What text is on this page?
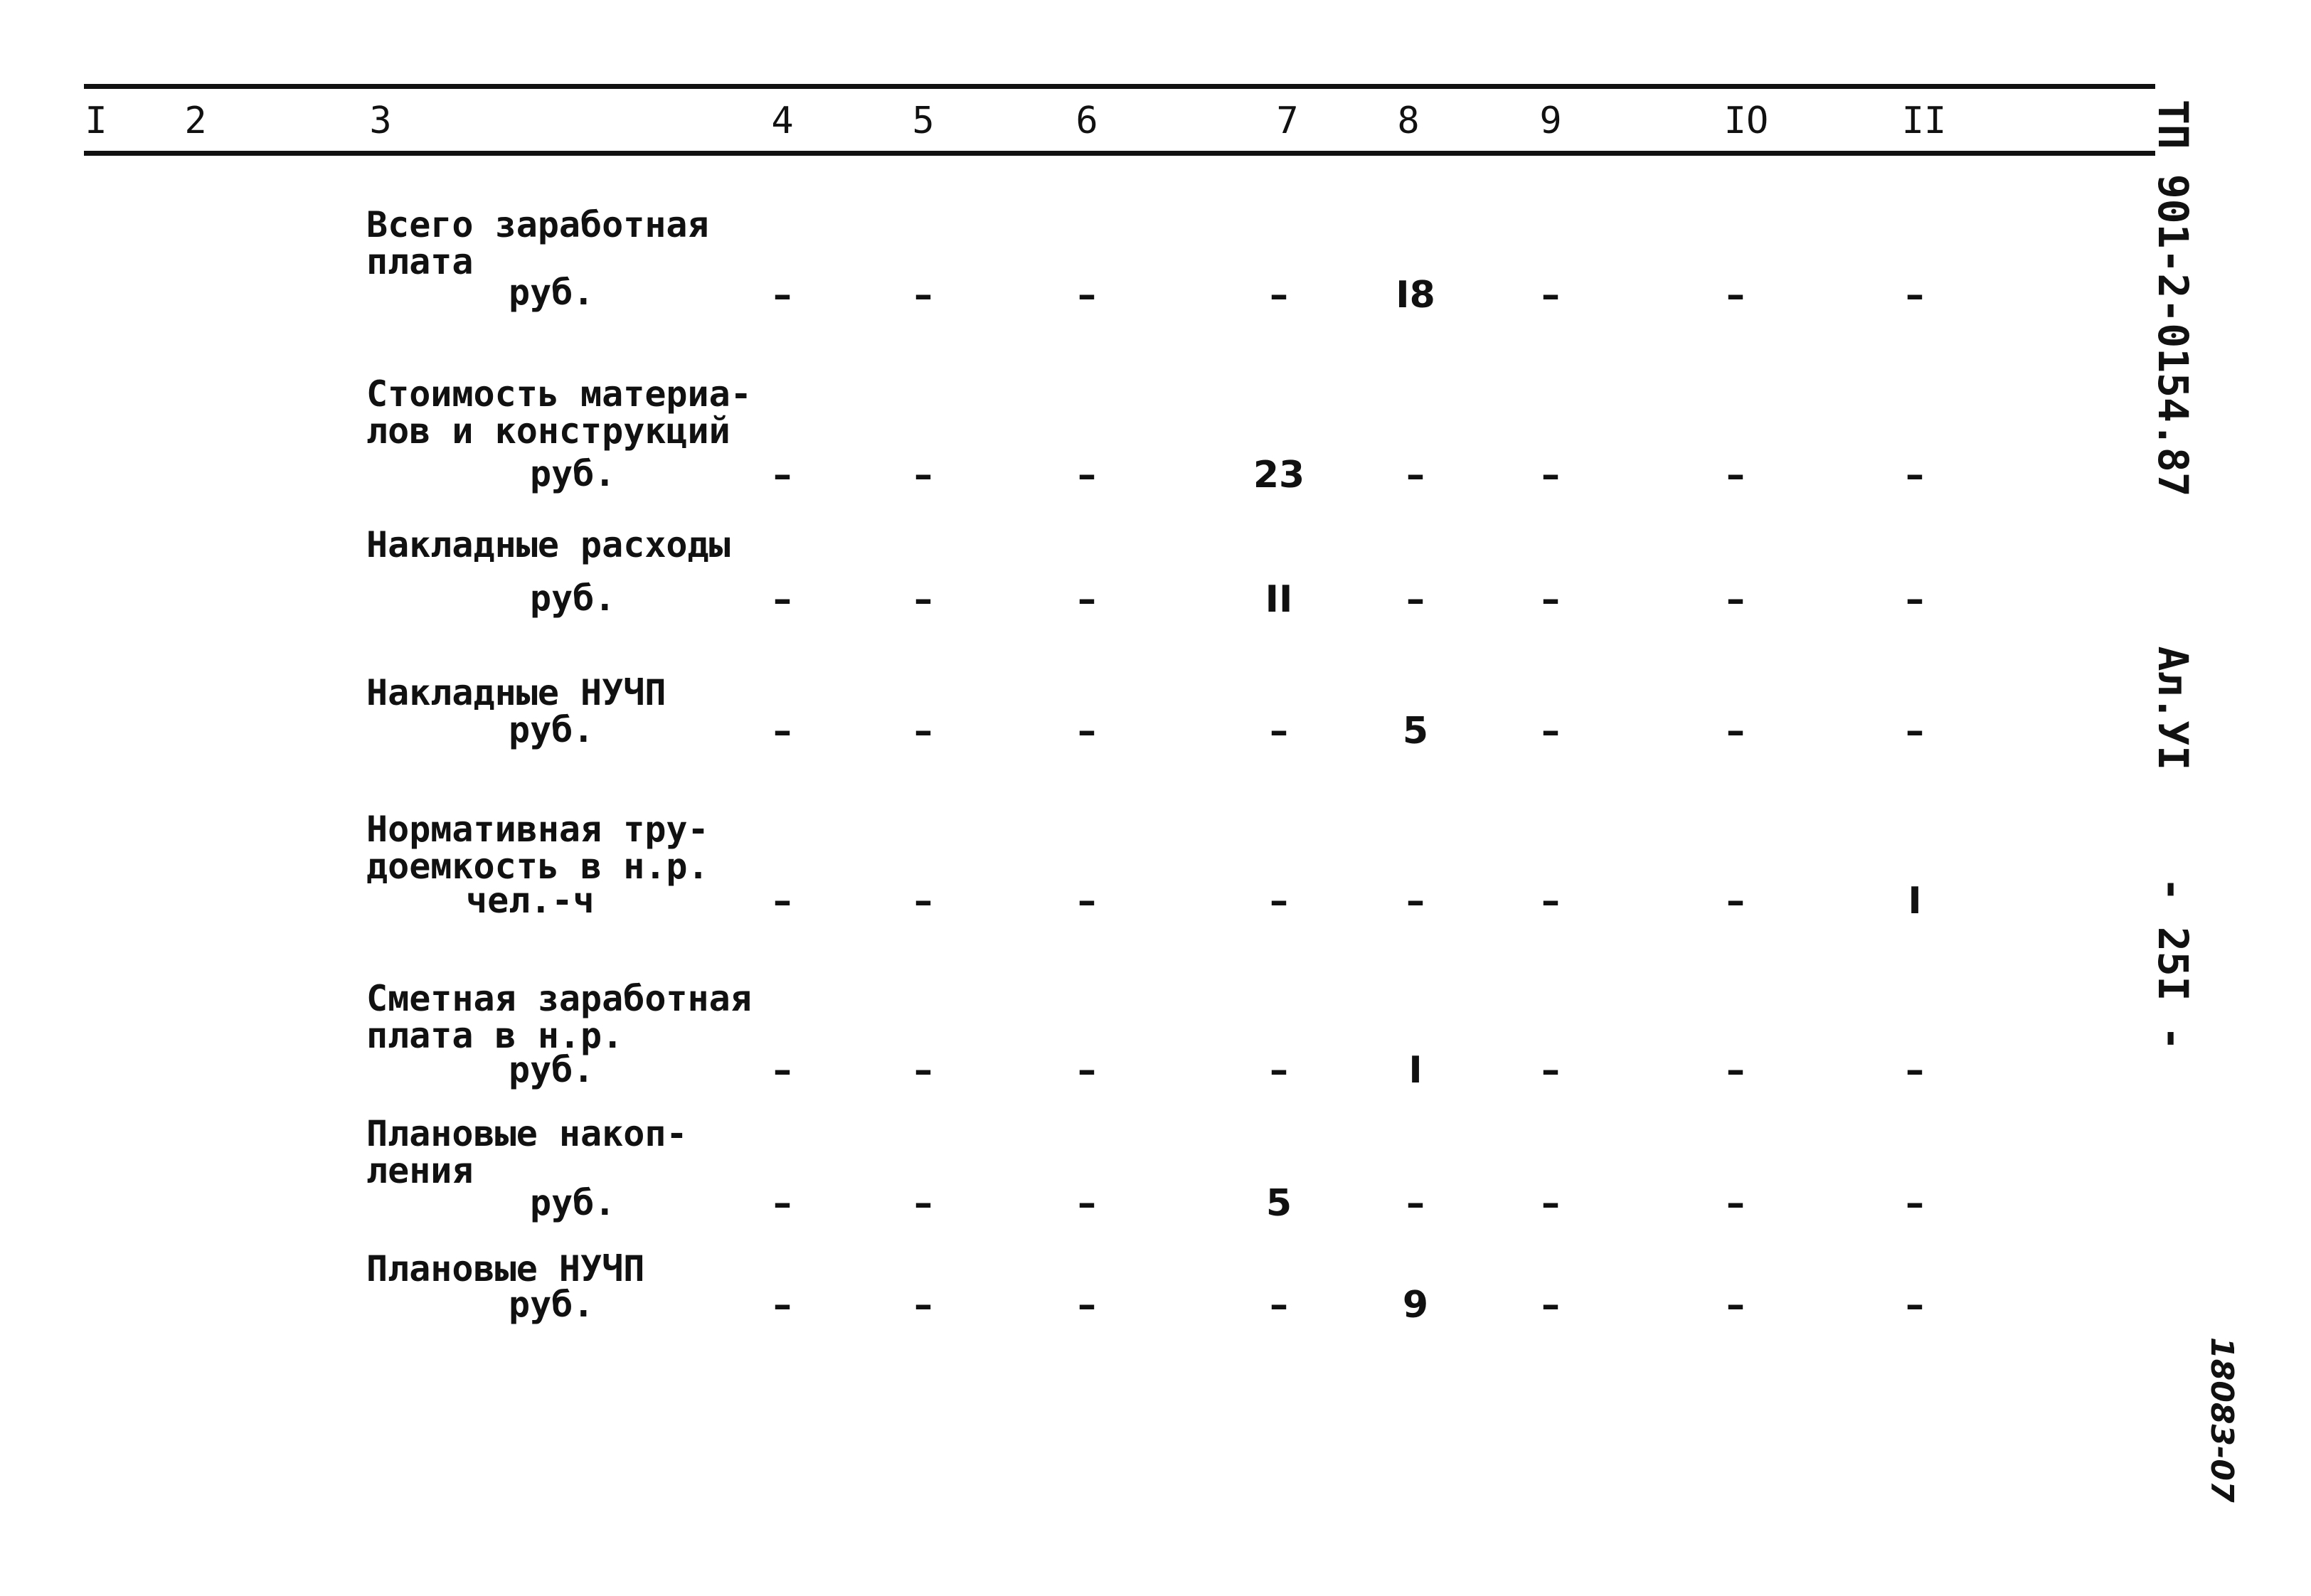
I 2	3	4	5	6	7	8	9	IO	II
Всего заработная
плата
руб.	–	–	–	–	I8	–	–	–
Стоимость материа-
лов и конструкций
руб.	–	–	–	23	–	–	–	–
Накладные расходы
руб.	–	–	–	II	–	–	–	–
Накладные НУЧП
руб.	–	–	–	–	5	–	–	–
Нормативная тру-
доемкость в н.р.
чел.-ч	–	–	–	–	–	–	–	I
Сметная заработная
плата в н.р.
руб.	–	–	–	–	I	–	–	–
Плановые накоп-
ления
руб.	–	–	–	5	–	–	–	–
Плановые НУЧП
руб.	–	–	–	–	9	–	–	–
ТП 901-2-0154.87  Ал.УI  - 25I -
18083-07
